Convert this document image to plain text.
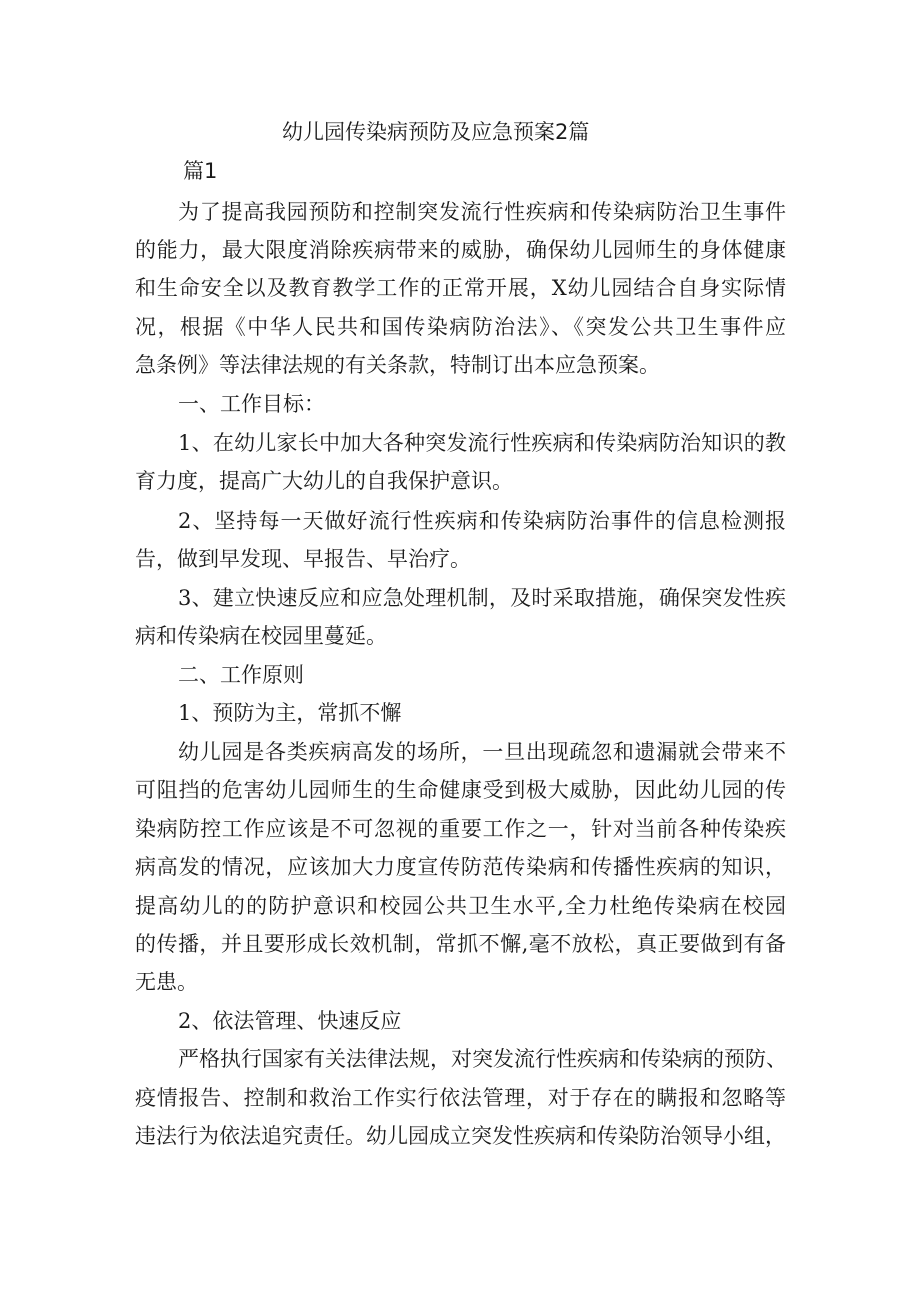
幼儿园传染病预防及应急预案2篇
篇1
为了提高我园预防和控制突发流行性疾病和传染病防治卫生事件
的能力，最大限度消除疾病带来的威胁，确保幼儿园师生的身体健康
和生命安全以及教育教学工作的正常开展，X幼儿园结合自身实际情
况，根据《中华人民共和国传染病防治法》、《突发公共卫生事件应
急条例》等法律法规的有关条款，特制订出本应急预案。
一、工作目标：
1、在幼儿家长中加大各种突发流行性疾病和传染病防治知识的教
育力度，提高广大幼儿的自我保护意识。
2、坚持每一天做好流行性疾病和传染病防治事件的信息检测报
告，做到早发现、早报告、早治疗。
3、建立快速反应和应急处理机制，及时采取措施，确保突发性疾
病和传染病在校园里蔓延。
二、工作原则
1、预防为主，常抓不懈
幼儿园是各类疾病高发的场所，一旦出现疏忽和遗漏就会带来不
可阻挡的危害幼儿园师生的生命健康受到极大威胁，因此幼儿园的传
染病防控工作应该是不可忽视的重要工作之一，针对当前各种传染疾
病高发的情况，应该加大力度宣传防范传染病和传播性疾病的知识，
提高幼儿的的防护意识和校园公共卫生水平,全力杜绝传染病在校园
的传播，并且要形成长效机制，常抓不懈,毫不放松，真正要做到有备
无患。
2、依法管理、快速反应
严格执行国家有关法律法规，对突发流行性疾病和传染病的预防、
疫情报告、控制和救治工作实行依法管理，对于存在的瞒报和忽略等
违法行为依法追究责任。幼儿园成立突发性疾病和传染防治领导小组，
